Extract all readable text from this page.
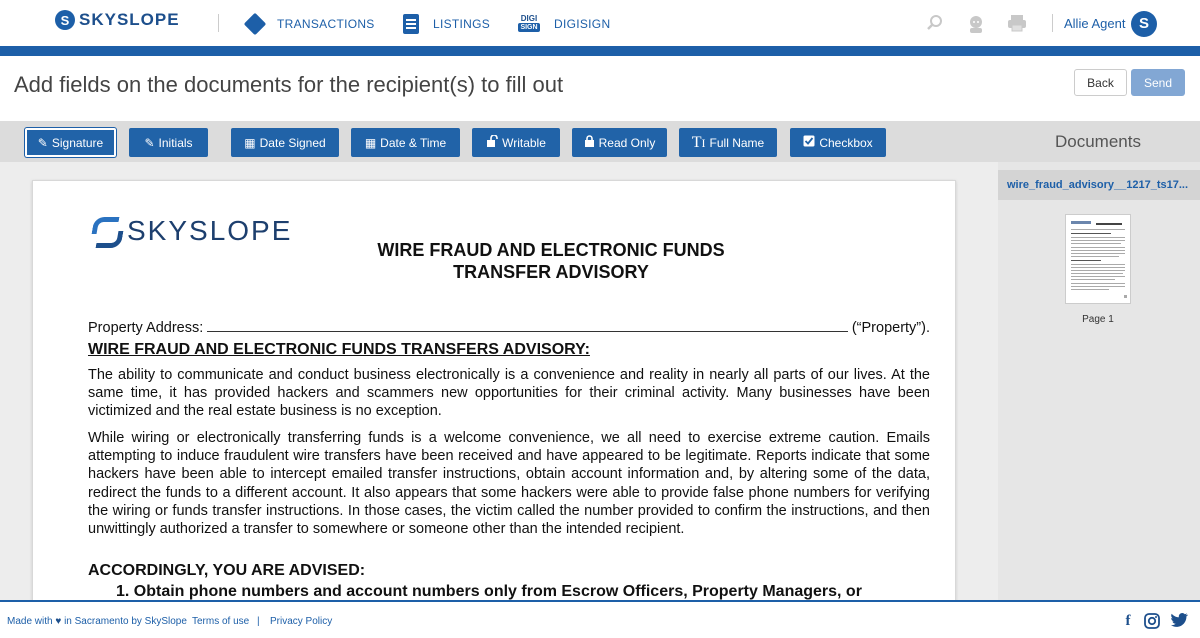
S SKYSLOPE	TRANSACTIONS	LISTINGS	DIGI
SIGN DIGISIGN	Allie Agent S
Add fields on the documents for the recipient(s) to fill out	Back	Send
✎ Signature	✎ Initials	▦ Date Signed	▦ Date & Time	Writable	Read Only TI Full Name	Checkbox	Documents
SKYSLOPE
WIRE FRAUD AND ELECTRONIC FUNDS
TRANSFER ADVISORY
Property Address:	(“Property”).
WIRE FRAUD AND ELECTRONIC FUNDS TRANSFERS ADVISORY:
The ability to communicate and conduct business electronically is a convenience and reality in nearly all parts of our lives. At the same time, it has provided hackers and scammers new opportunities for their criminal activity. Many businesses have been victimized and the real estate business is no exception.
While wiring or electronically transferring funds is a welcome convenience, we all need to exercise extreme caution. Emails attempting to induce fraudulent wire transfers have been received and have appeared to be legitimate. Reports indicate that some hackers have been able to intercept emailed transfer instructions, obtain account information and, by altering some of the data, redirect the funds to a different account. It also appears that some hackers were able to provide false phone numbers for verifying the wiring or funds transfer instructions. In those cases, the victim called the number provided to confirm the instructions, and then unwittingly authorized a transfer to somewhere or someone other than the intended recipient.
ACCORDINGLY, YOU ARE ADVISED:
1. Obtain phone numbers and account numbers only from Escrow Officers, Property Managers, or
wire_fraud_advisory__1217_ts17...
Page 1
Made with ♥ in Sacramento by SkySlope Terms of use | Privacy Policy	f
